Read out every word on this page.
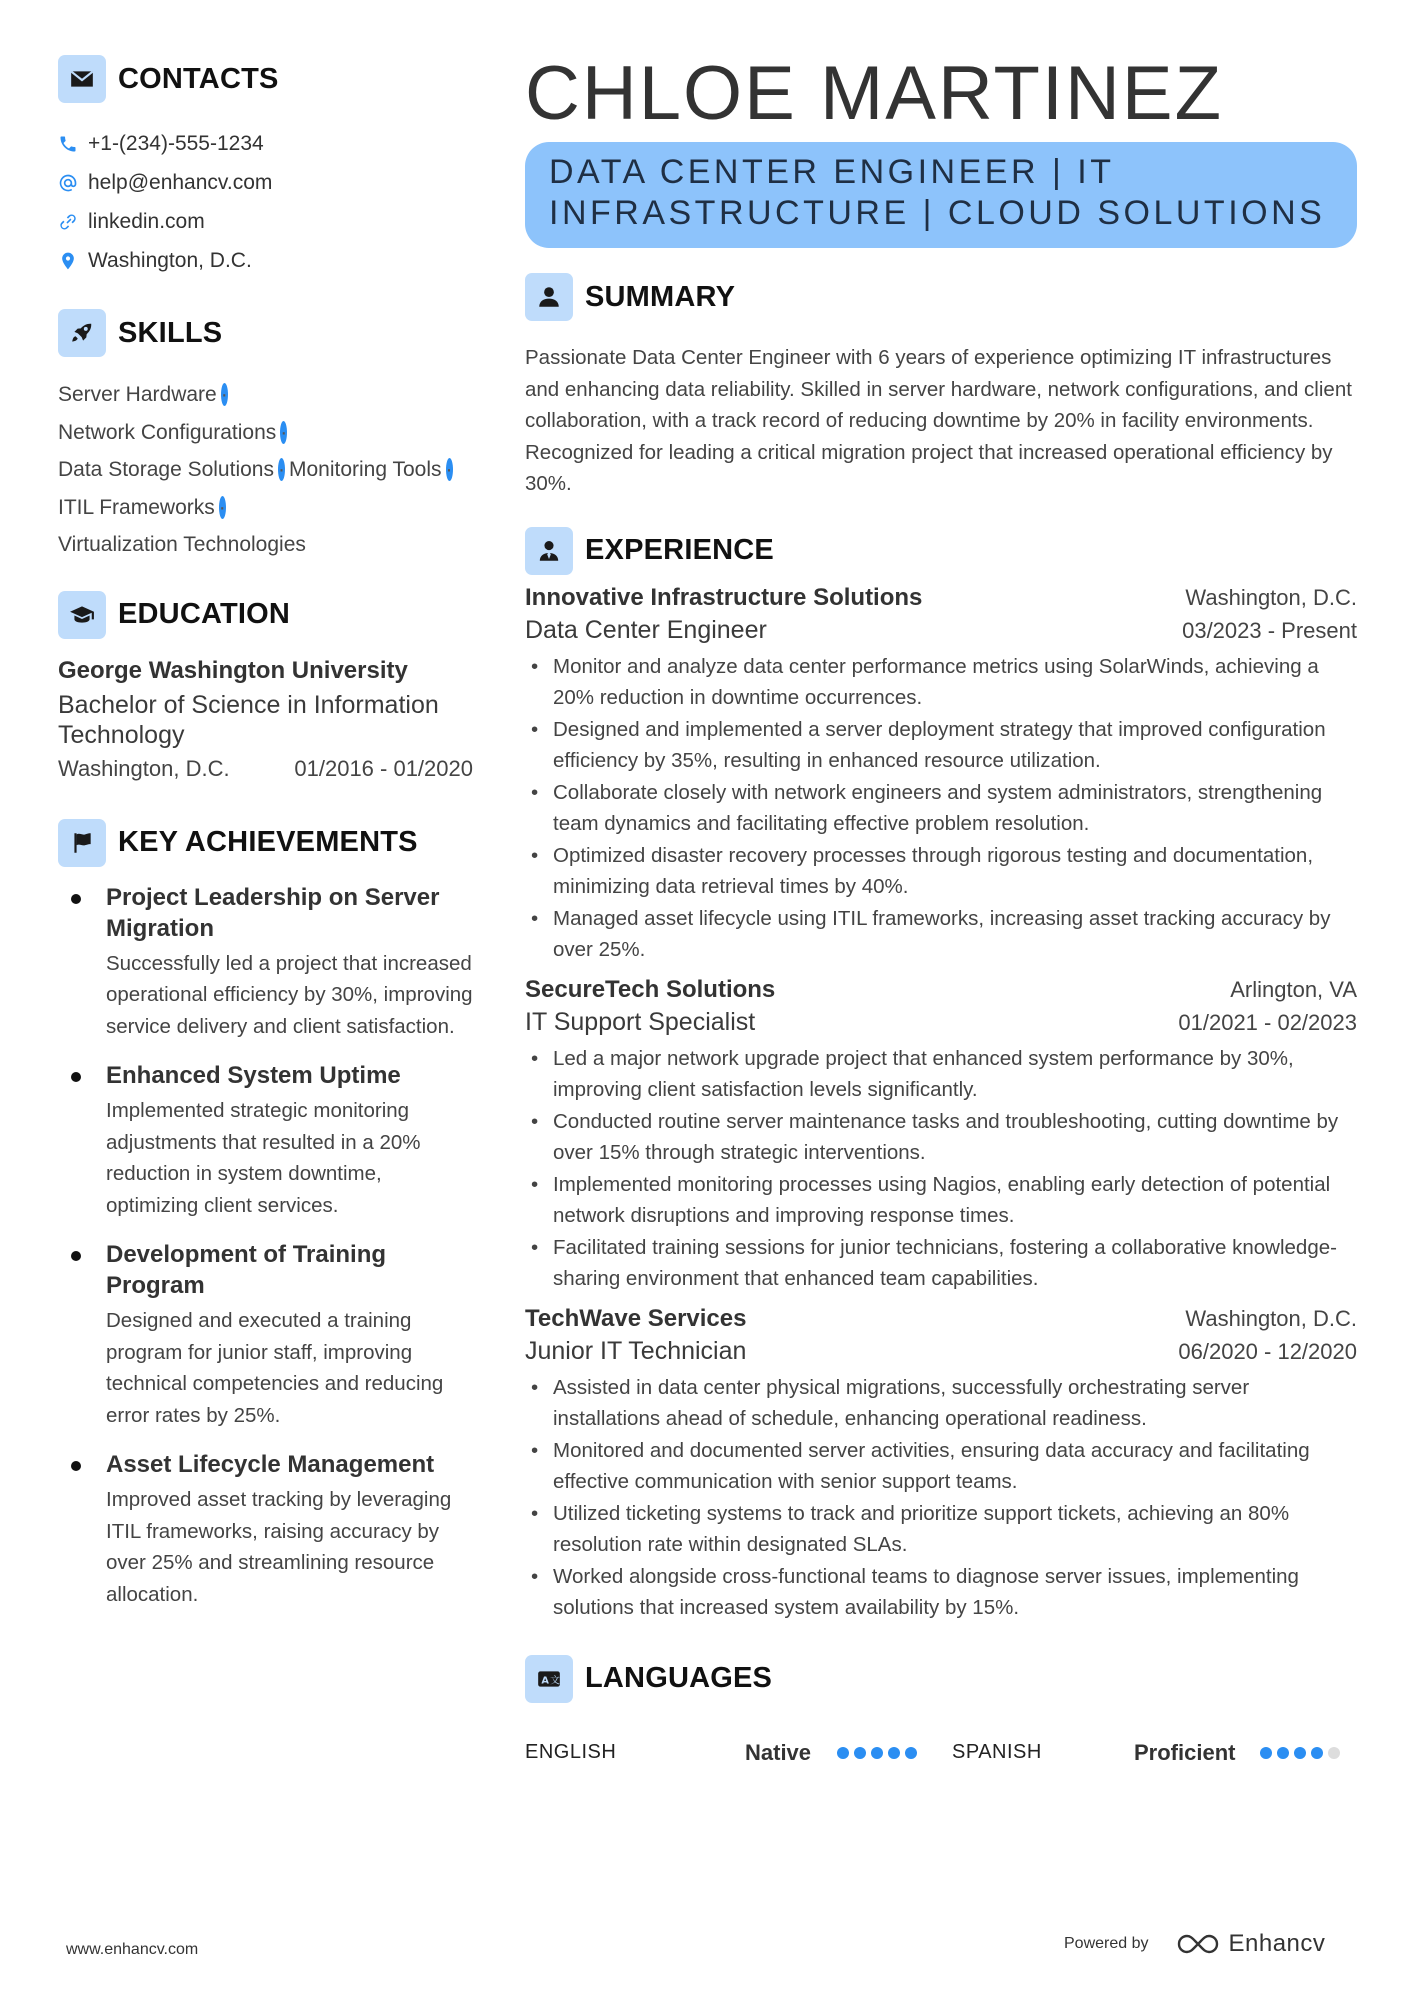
CONTACTS
+1-(234)-555-1234
help@enhancv.com
linkedin.com
Washington, D.C.
SKILLS
Server Hardware ·
Network Configurations ·
Data Storage Solutions · Monitoring Tools ·
ITIL Frameworks ·
Virtualization Technologies
EDUCATION
George Washington University
Bachelor of Science in Information Technology
Washington, D.C.	01/2016 - 01/2020
KEY ACHIEVEMENTS
Project Leadership on Server Migration
Successfully led a project that increased operational efficiency by 30%, improving service delivery and client satisfaction.
Enhanced System Uptime
Implemented strategic monitoring adjustments that resulted in a 20% reduction in system downtime, optimizing client services.
Development of Training Program
Designed and executed a training program for junior staff, improving technical competencies and reducing error rates by 25%.
Asset Lifecycle Management
Improved asset tracking by leveraging ITIL frameworks, raising accuracy by over 25% and streamlining resource allocation.
CHLOE MARTINEZ
DATA CENTER ENGINEER | IT
INFRASTRUCTURE | CLOUD SOLUTIONS
SUMMARY
Passionate Data Center Engineer with 6 years of experience optimizing IT infrastructures and enhancing data reliability. Skilled in server hardware, network configurations, and client collaboration, with a track record of reducing downtime by 20% in facility environments. Recognized for leading a critical migration project that increased operational efficiency by 30%.
EXPERIENCE
Innovative Infrastructure Solutions	Washington, D.C.
Data Center Engineer	03/2023 - Present
• Monitor and analyze data center performance metrics using SolarWinds, achieving a 20% reduction in downtime occurrences.
• Designed and implemented a server deployment strategy that improved configuration efficiency by 35%, resulting in enhanced resource utilization.
• Collaborate closely with network engineers and system administrators, strengthening team dynamics and facilitating effective problem resolution.
• Optimized disaster recovery processes through rigorous testing and documentation, minimizing data retrieval times by 40%.
• Managed asset lifecycle using ITIL frameworks, increasing asset tracking accuracy by over 25%.
SecureTech Solutions	Arlington, VA
IT Support Specialist	01/2021 - 02/2023
• Led a major network upgrade project that enhanced system performance by 30%, improving client satisfaction levels significantly.
• Conducted routine server maintenance tasks and troubleshooting, cutting downtime by over 15% through strategic interventions.
• Implemented monitoring processes using Nagios, enabling early detection of potential network disruptions and improving response times.
• Facilitated training sessions for junior technicians, fostering a collaborative knowledge-sharing environment that enhanced team capabilities.
TechWave Services	Washington, D.C.
Junior IT Technician	06/2020 - 12/2020
• Assisted in data center physical migrations, successfully orchestrating server installations ahead of schedule, enhancing operational readiness.
• Monitored and documented server activities, ensuring data accuracy and facilitating effective communication with senior support teams.
• Utilized ticketing systems to track and prioritize support tickets, achieving an 80% resolution rate within designated SLAs.
• Worked alongside cross-functional teams to diagnose server issues, implementing solutions that increased system availability by 15%.
A 文 LANGUAGES
ENGLISH	Native	SPANISH	Proficient
www.enhancv.com	Powered by	Enhancv
